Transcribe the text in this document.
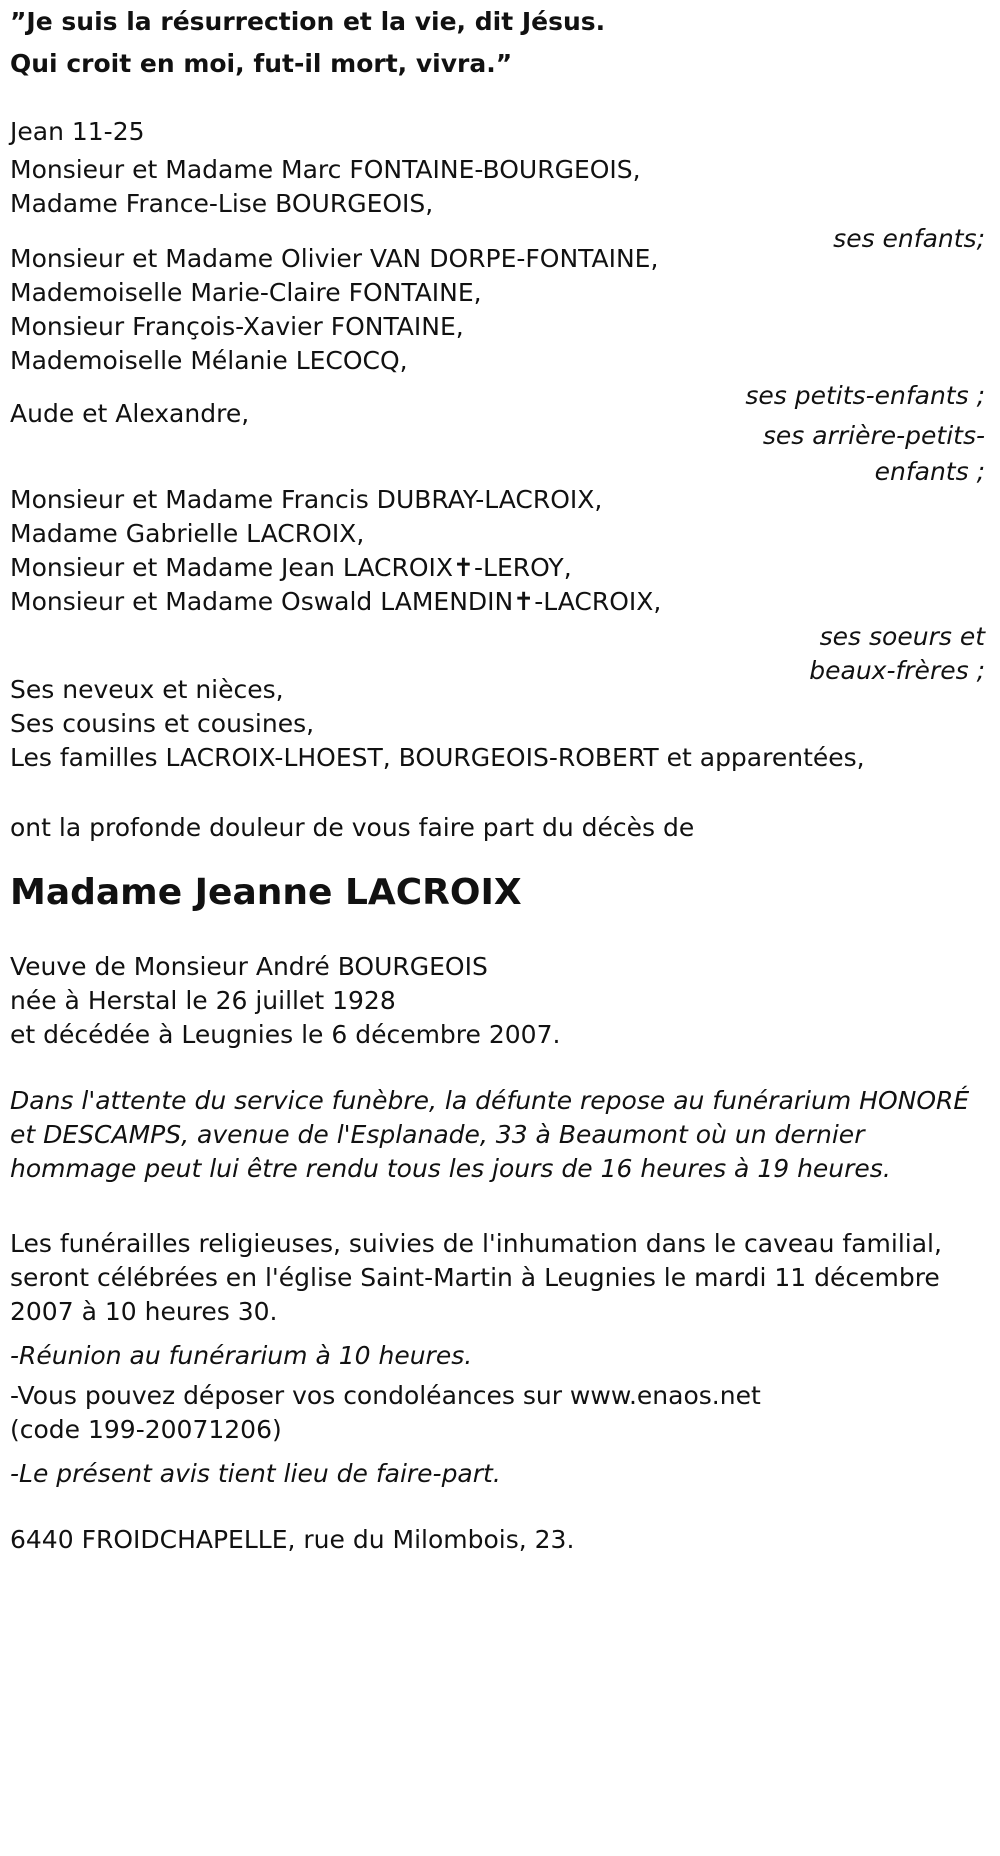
”Je suis la résurrection et la vie, dit Jésus.
Qui croit en moi, fut-il mort, vivra.”
Jean 11-25
Monsieur et Madame Marc FONTAINE-BOURGEOIS,
Madame France-Lise BOURGEOIS,
ses enfants;
Monsieur et Madame Olivier VAN DORPE-FONTAINE,
Mademoiselle Marie-Claire FONTAINE,
Monsieur François-Xavier FONTAINE,
Mademoiselle Mélanie LECOCQ,
ses petits-enfants ;
Aude et Alexandre,
ses arrière-petits-
enfants ;
Monsieur et Madame Francis DUBRAY-LACROIX,
Madame Gabrielle LACROIX,
Monsieur et Madame Jean LACROIX✝-LEROY,
Monsieur et Madame Oswald LAMENDIN✝-LACROIX,
ses soeurs et
beaux-frères ;
Ses neveux et nièces,
Ses cousins et cousines,
Les familles LACROIX-LHOEST, BOURGEOIS-ROBERT et apparentées,
ont la profonde douleur de vous faire part du décès de
Madame Jeanne LACROIX
Veuve de Monsieur André BOURGEOIS
née à Herstal le 26 juillet 1928
et décédée à Leugnies le 6 décembre 2007.
Dans l'attente du service funèbre, la défunte repose au funérarium HONORÉ et DESCAMPS, avenue de l'Esplanade, 33 à Beaumont où un dernier hommage peut lui être rendu tous les jours de 16 heures à 19 heures.
Les funérailles religieuses, suivies de l'inhumation dans le caveau familial, seront célébrées en l'église Saint-Martin à Leugnies le mardi 11 décembre 2007 à 10 heures 30.
-Réunion au funérarium à 10 heures.
-Vous pouvez déposer vos condoléances sur www.enaos.net (code 199-20071206)
-Le présent avis tient lieu de faire-part.
6440 FROIDCHAPELLE, rue du Milombois, 23.
